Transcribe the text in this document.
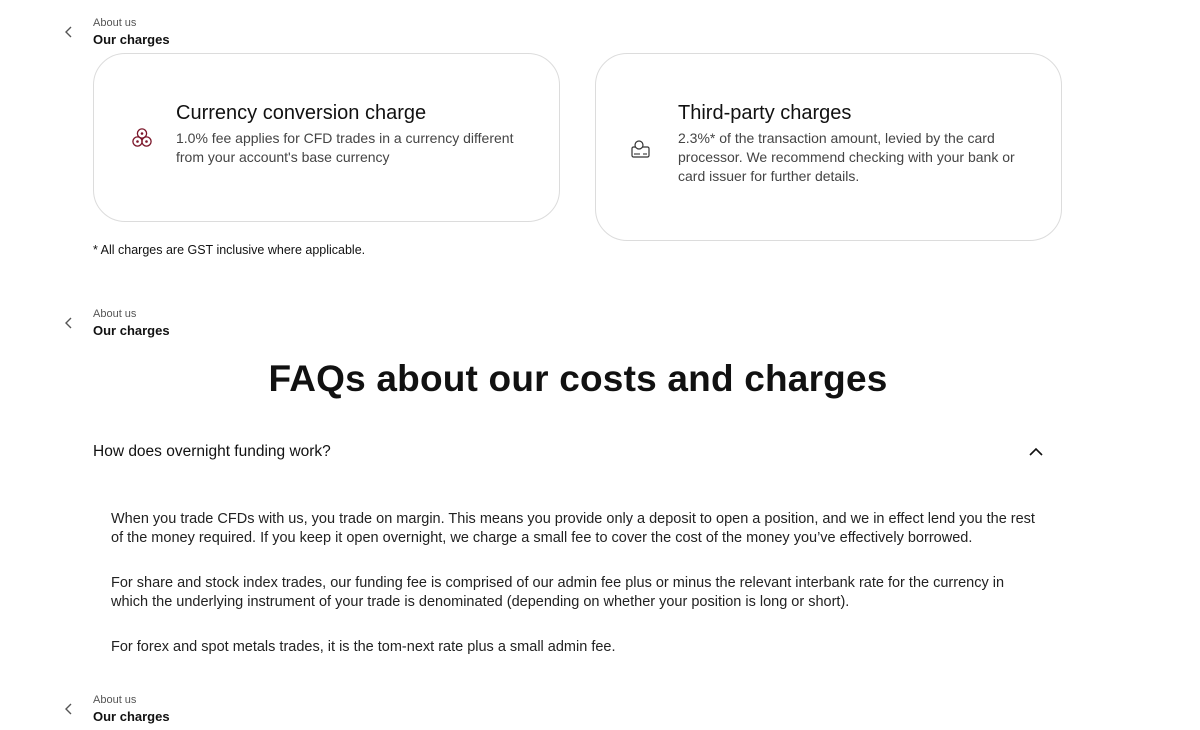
About us
Our charges
Currency conversion charge
1.0% fee applies for CFD trades in a currency different from your account's base currency
Third-party charges
2.3%* of the transaction amount, levied by the card processor. We recommend checking with your bank or card issuer for further details.
* All charges are GST inclusive where applicable.
About us
Our charges
FAQs about our costs and charges
How does overnight funding work?

When you trade CFDs with us, you trade on margin. This means you provide only a deposit to open a position, and we in effect lend you the rest of the money required. If you keep it open overnight, we charge a small fee to cover the cost of the money you’ve effectively borrowed.

For share and stock index trades, our funding fee is comprised of our admin fee plus or minus the relevant interbank rate for the currency in which the underlying instrument of your trade is denominated (depending on whether your position is long or short).

For forex and spot metals trades, it is the tom-next rate plus a small admin fee.

About us
Our charges
